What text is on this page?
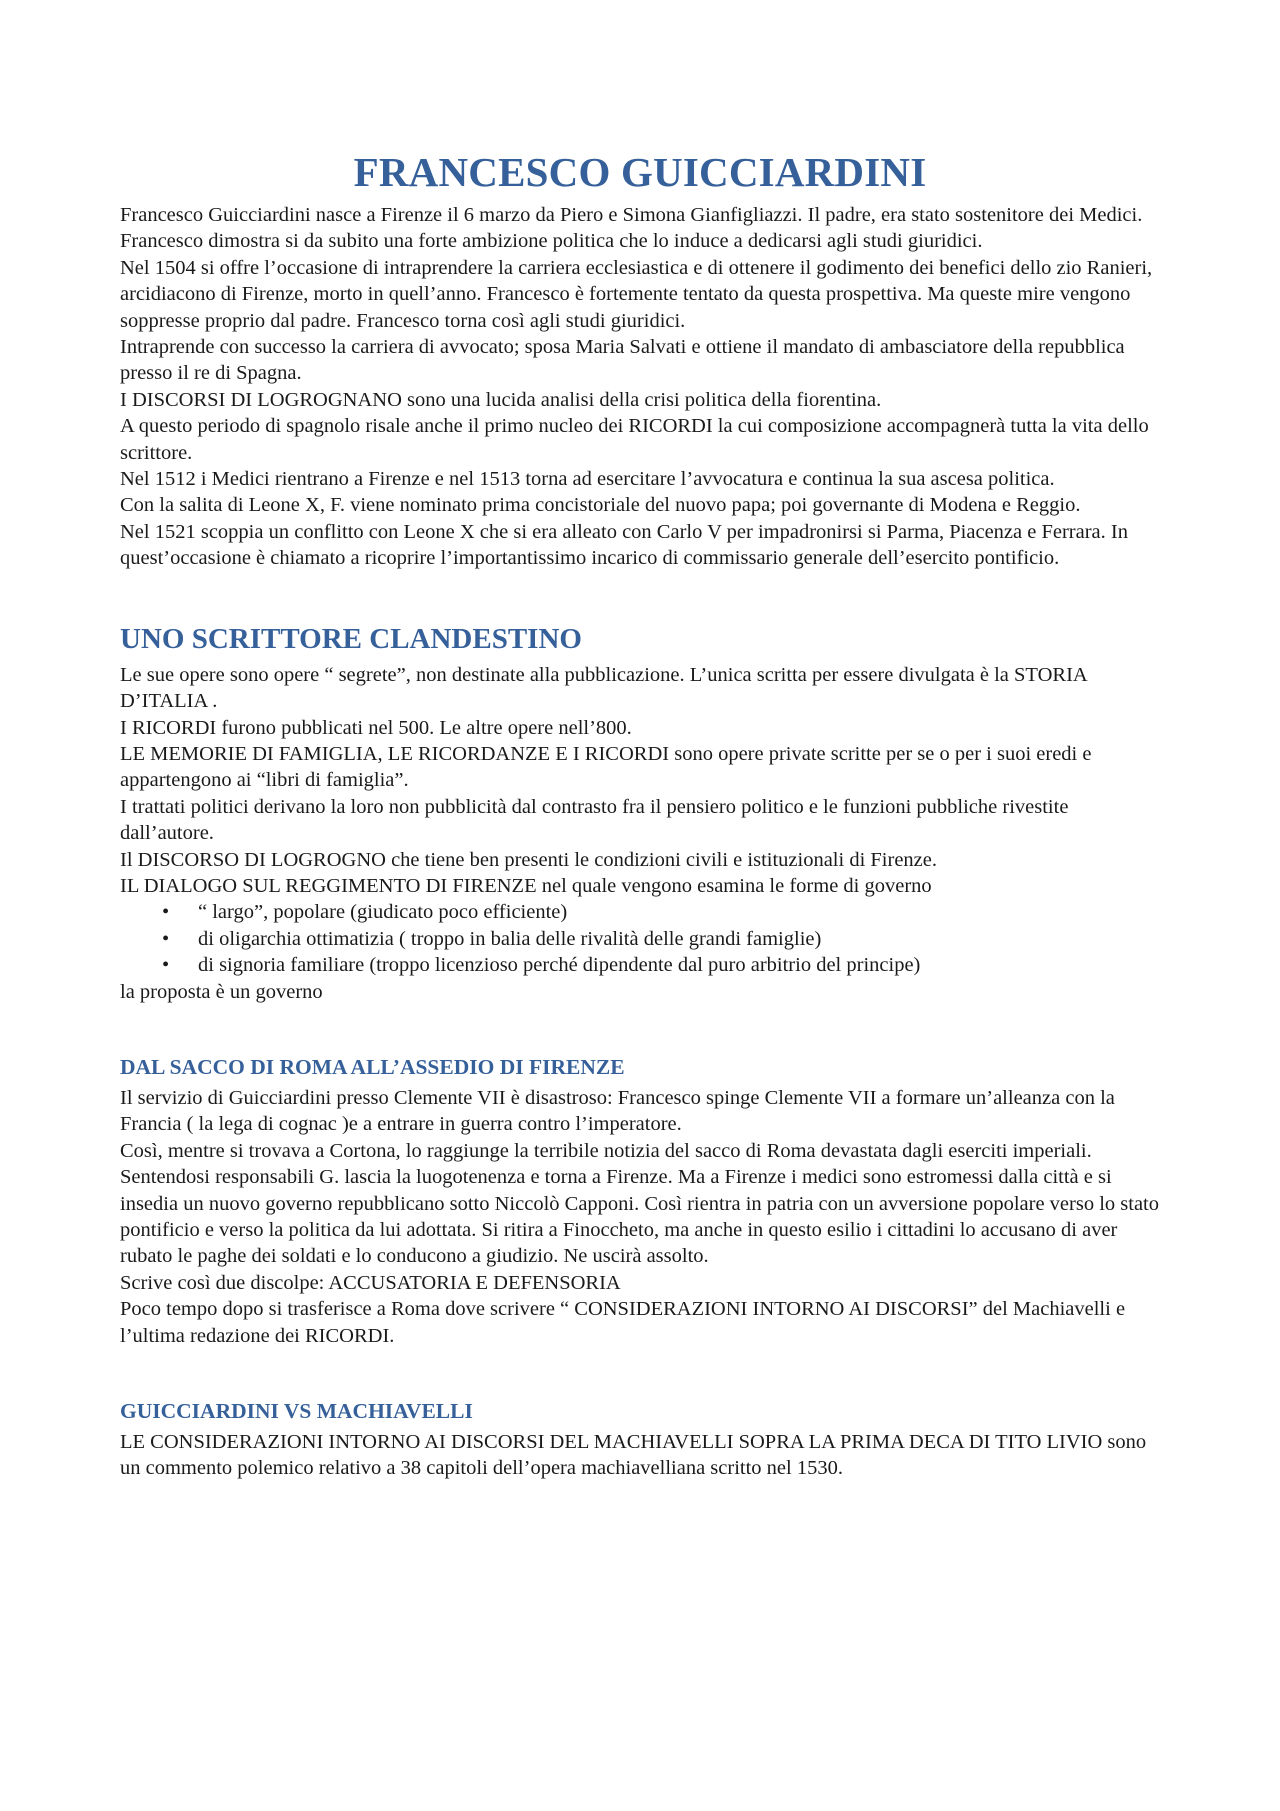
FRANCESCO GUICCIARDINI

Francesco Guicciardini nasce a Firenze il 6 marzo da Piero e Simona Gianfigliazzi. Il padre, era stato sostenitore dei Medici.

Francesco dimostra si da subito una forte ambizione politica che lo induce a dedicarsi agli studi giuridici.

Nel 1504 si offre l’occasione di intraprendere la carriera ecclesiastica e di ottenere il godimento dei benefici dello zio Ranieri, arcidiacono di Firenze, morto in quell’anno. Francesco è fortemente tentato da questa prospettiva. Ma queste mire vengono soppresse proprio dal padre. Francesco torna così agli studi giuridici.

Intraprende con successo la carriera di avvocato; sposa Maria Salvati e ottiene il mandato di ambasciatore della repubblica presso il re di Spagna.

I DISCORSI DI LOGROGNANO sono una lucida analisi della crisi politica della fiorentina.

A questo periodo di spagnolo risale anche il primo nucleo dei RICORDI la cui composizione accompagnerà tutta la vita dello scrittore.

Nel 1512 i Medici rientrano a Firenze e nel 1513 torna ad esercitare l’avvocatura e continua la sua ascesa politica.

Con la salita di Leone X, F. viene nominato prima concistoriale del nuovo papa; poi governante di Modena e Reggio.

Nel 1521 scoppia un conflitto con Leone X che si era alleato con Carlo V per impadronirsi si Parma, Piacenza e Ferrara. In quest’occasione è chiamato a ricoprire l’importantissimo incarico di commissario generale dell’esercito pontificio.

UNO SCRITTORE CLANDESTINO

Le sue opere sono opere “ segrete”, non destinate alla pubblicazione. L’unica scritta per essere divulgata è la STORIA D’ITALIA .

I RICORDI furono pubblicati nel 500. Le altre opere nell’800.

LE MEMORIE DI FAMIGLIA, LE RICORDANZE E I RICORDI sono opere private scritte per se o per i suoi eredi e appartengono ai “libri di famiglia”.

I trattati politici derivano la loro non pubblicità dal contrasto fra il pensiero politico e le funzioni pubbliche rivestite dall’autore.

Il DISCORSO DI LOGROGNO che tiene ben presenti le condizioni civili e istituzionali di Firenze.

IL DIALOGO SUL REGGIMENTO DI FIRENZE nel quale vengono esamina le forme di governo

• “ largo”, popolare (giudicato poco efficiente)
• di oligarchia ottimatizia ( troppo in balia delle rivalità delle grandi famiglie)
• di signoria familiare (troppo licenzioso perché dipendente dal puro arbitrio del principe)

la proposta è un governo

DAL SACCO DI ROMA ALL’ASSEDIO DI FIRENZE

Il servizio di Guicciardini presso Clemente VII è disastroso: Francesco spinge Clemente VII a formare un’alleanza con la Francia ( la lega di cognac )e a entrare in guerra contro l’imperatore.

Così, mentre si trovava a Cortona, lo raggiunge la terribile notizia del sacco di Roma devastata dagli eserciti imperiali.

Sentendosi responsabili G. lascia la luogotenenza e torna a Firenze. Ma a Firenze i medici sono estromessi dalla città e si insedia un nuovo governo repubblicano sotto Niccolò Capponi. Così rientra in patria con un avversione popolare verso lo stato pontificio e verso la politica da lui adottata. Si ritira a Finoccheto, ma anche in questo esilio i cittadini lo accusano di aver rubato le paghe dei soldati e lo conducono a giudizio. Ne uscirà assolto.

Scrive così due discolpe: ACCUSATORIA E DEFENSORIA

Poco tempo dopo si trasferisce a Roma dove scrivere “ CONSIDERAZIONI INTORNO AI DISCORSI” del Machiavelli e l’ultima redazione dei RICORDI.

GUICCIARDINI VS MACHIAVELLI

LE CONSIDERAZIONI INTORNO AI DISCORSI DEL MACHIAVELLI SOPRA LA PRIMA DECA DI TITO LIVIO sono un commento polemico relativo a 38 capitoli dell’opera machiavelliana scritto nel 1530.
